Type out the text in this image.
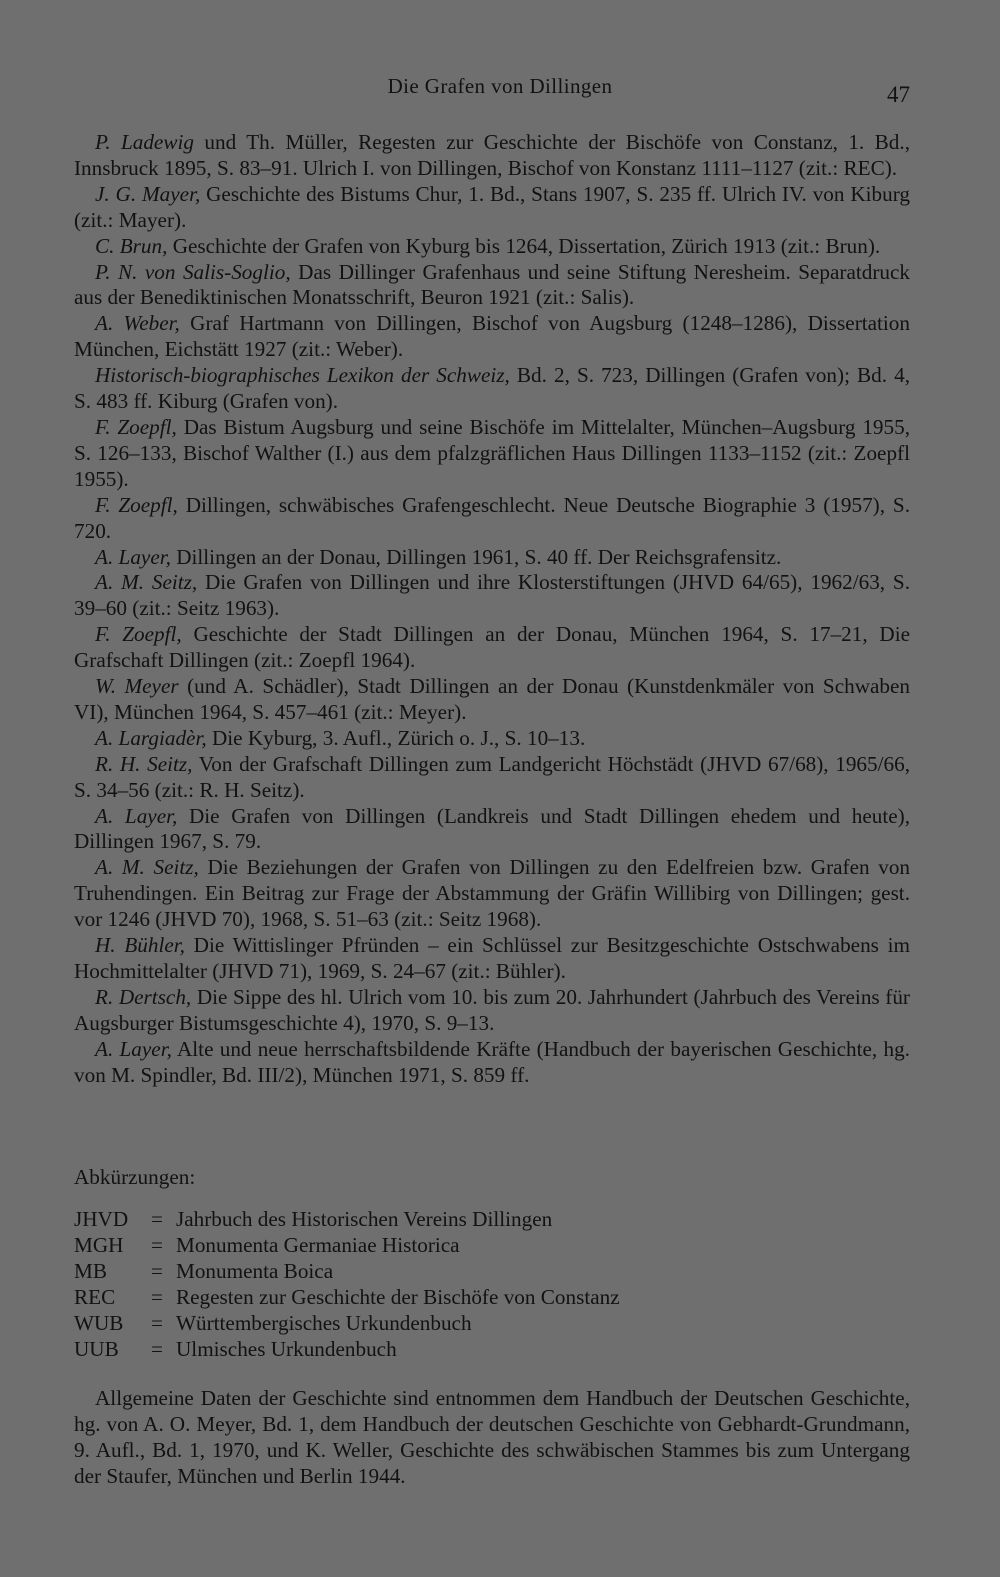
Die Grafen von Dillingen	47

P. Ladewig und Th. Müller, Regesten zur Geschichte der Bischöfe von Constanz, 1. Bd., Innsbruck 1895, S. 83–91. Ulrich I. von Dillingen, Bischof von Konstanz 1111–1127 (zit.: REC).

J. G. Mayer, Geschichte des Bistums Chur, 1. Bd., Stans 1907, S. 235 ff. Ulrich IV. von Kiburg (zit.: Mayer).

C. Brun, Geschichte der Grafen von Kyburg bis 1264, Dissertation, Zürich 1913 (zit.: Brun).

P. N. von Salis-Soglio, Das Dillinger Grafenhaus und seine Stiftung Neresheim. Separatdruck aus der Benediktinischen Monatsschrift, Beuron 1921 (zit.: Salis).

A. Weber, Graf Hartmann von Dillingen, Bischof von Augsburg (1248–1286), Dissertation München, Eichstätt 1927 (zit.: Weber).

Historisch-biographisches Lexikon der Schweiz, Bd. 2, S. 723, Dillingen (Grafen von); Bd. 4, S. 483 ff. Kiburg (Grafen von).

F. Zoepfl, Das Bistum Augsburg und seine Bischöfe im Mittelalter, München–Augsburg 1955, S. 126–133, Bischof Walther (I.) aus dem pfalzgräflichen Haus Dillingen 1133–1152 (zit.: Zoepfl 1955).

F. Zoepfl, Dillingen, schwäbisches Grafengeschlecht. Neue Deutsche Biographie 3 (1957), S. 720.

A. Layer, Dillingen an der Donau, Dillingen 1961, S. 40 ff. Der Reichsgrafensitz.

A. M. Seitz, Die Grafen von Dillingen und ihre Klosterstiftungen (JHVD 64/65), 1962/63, S. 39–60 (zit.: Seitz 1963).

F. Zoepfl, Geschichte der Stadt Dillingen an der Donau, München 1964, S. 17–21, Die Grafschaft Dillingen (zit.: Zoepfl 1964).

W. Meyer (und A. Schädler), Stadt Dillingen an der Donau (Kunstdenkmäler von Schwaben VI), München 1964, S. 457–461 (zit.: Meyer).

A. Largiadèr, Die Kyburg, 3. Aufl., Zürich o. J., S. 10–13.

R. H. Seitz, Von der Grafschaft Dillingen zum Landgericht Höchstädt (JHVD 67/68), 1965/66, S. 34–56 (zit.: R. H. Seitz).

A. Layer, Die Grafen von Dillingen (Landkreis und Stadt Dillingen ehedem und heute), Dillingen 1967, S. 79.

A. M. Seitz, Die Beziehungen der Grafen von Dillingen zu den Edelfreien bzw. Grafen von Truhendingen. Ein Beitrag zur Frage der Abstammung der Gräfin Willibirg von Dillingen; gest. vor 1246 (JHVD 70), 1968, S. 51–63 (zit.: Seitz 1968).

H. Bühler, Die Wittislinger Pfründen – ein Schlüssel zur Besitzgeschichte Ostschwabens im Hochmittelalter (JHVD 71), 1969, S. 24–67 (zit.: Bühler).

R. Dertsch, Die Sippe des hl. Ulrich vom 10. bis zum 20. Jahrhundert (Jahrbuch des Vereins für Augsburger Bistumsgeschichte 4), 1970, S. 9–13.

A. Layer, Alte und neue herrschaftsbildende Kräfte (Handbuch der bayerischen Geschichte, hg. von M. Spindler, Bd. III/2), München 1971, S. 859 ff.

Abkürzungen:
JHVD	= Jahrbuch des Historischen Vereins Dillingen
MGH	= Monumenta Germaniae Historica
MB	= Monumenta Boica
REC	= Regesten zur Geschichte der Bischöfe von Constanz
WUB	= Württembergisches Urkundenbuch
UUB	= Ulmisches Urkundenbuch

Allgemeine Daten der Geschichte sind entnommen dem Handbuch der Deutschen Geschichte, hg. von A. O. Meyer, Bd. 1, dem Handbuch der deutschen Geschichte von Gebhardt-Grundmann, 9. Aufl., Bd. 1, 1970, und K. Weller, Geschichte des schwäbischen Stammes bis zum Untergang der Staufer, München und Berlin 1944.
